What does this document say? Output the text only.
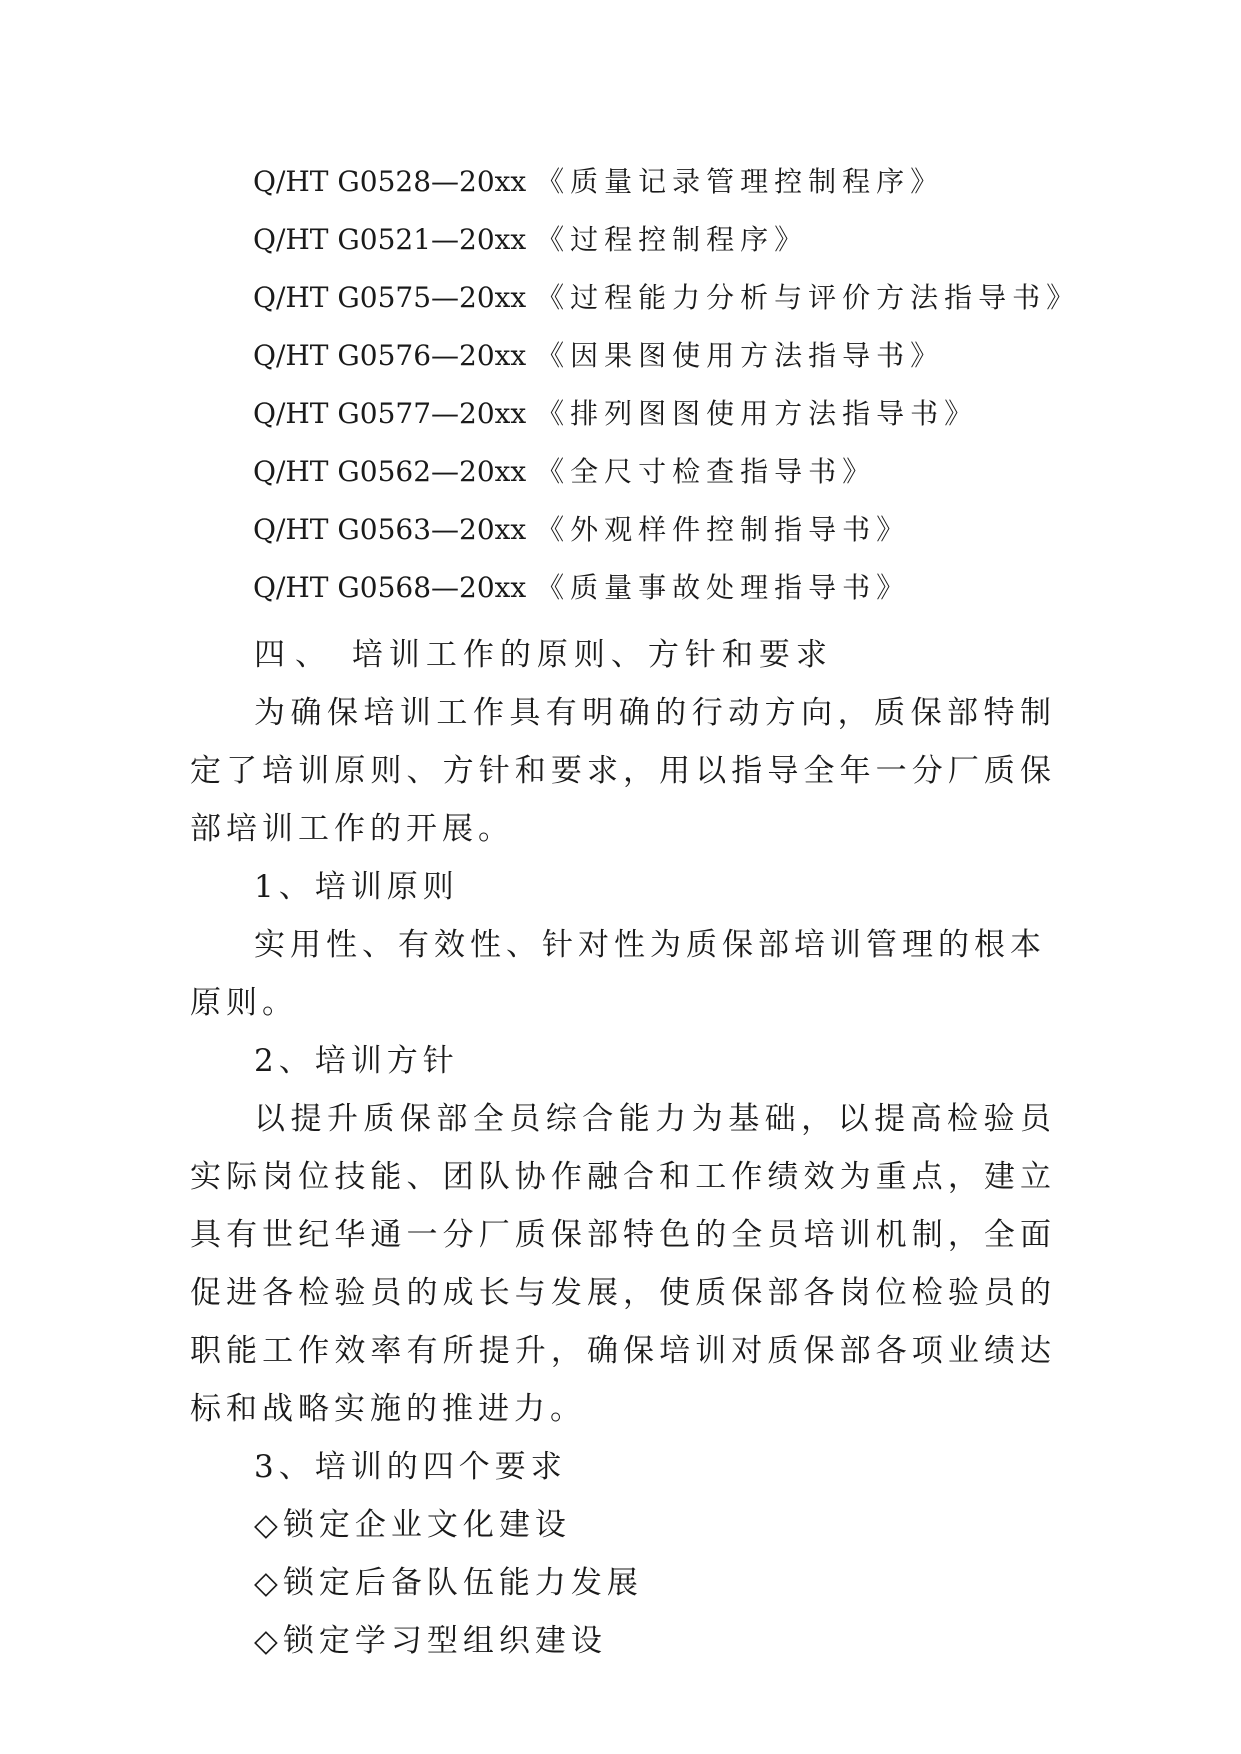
Q/HT G0528—20xx 《质量记录管理控制程序》
Q/HT G0521—20xx 《过程控制程序》
Q/HT G0575—20xx 《过程能力分析与评价方法指导书》
Q/HT G0576—20xx 《因果图使用方法指导书》
Q/HT G0577—20xx 《排列图图使用方法指导书》
Q/HT G0562—20xx 《全尺寸检查指导书》
Q/HT G0563—20xx 《外观样件控制指导书》
Q/HT G0568—20xx 《质量事故处理指导书》

四、 培训工作的原则、方针和要求

为确保培训工作具有明确的行动方向，质保部特制定了培训原则、方针和要求，用以指导全年一分厂质保部培训工作的开展。

1、培训原则

实用性、有效性、针对性为质保部培训管理的根本原则。

2、培训方针

以提升质保部全员综合能力为基础，以提高检验员实际岗位技能、团队协作融合和工作绩效为重点，建立具有世纪华通一分厂质保部特色的全员培训机制，全面促进各检验员的成长与发展，使质保部各岗位检验员的职能工作效率有所提升，确保培训对质保部各项业绩达标和战略实施的推进力。

3、培训的四个要求

◇锁定企业文化建设

◇锁定后备队伍能力发展

◇锁定学习型组织建设
